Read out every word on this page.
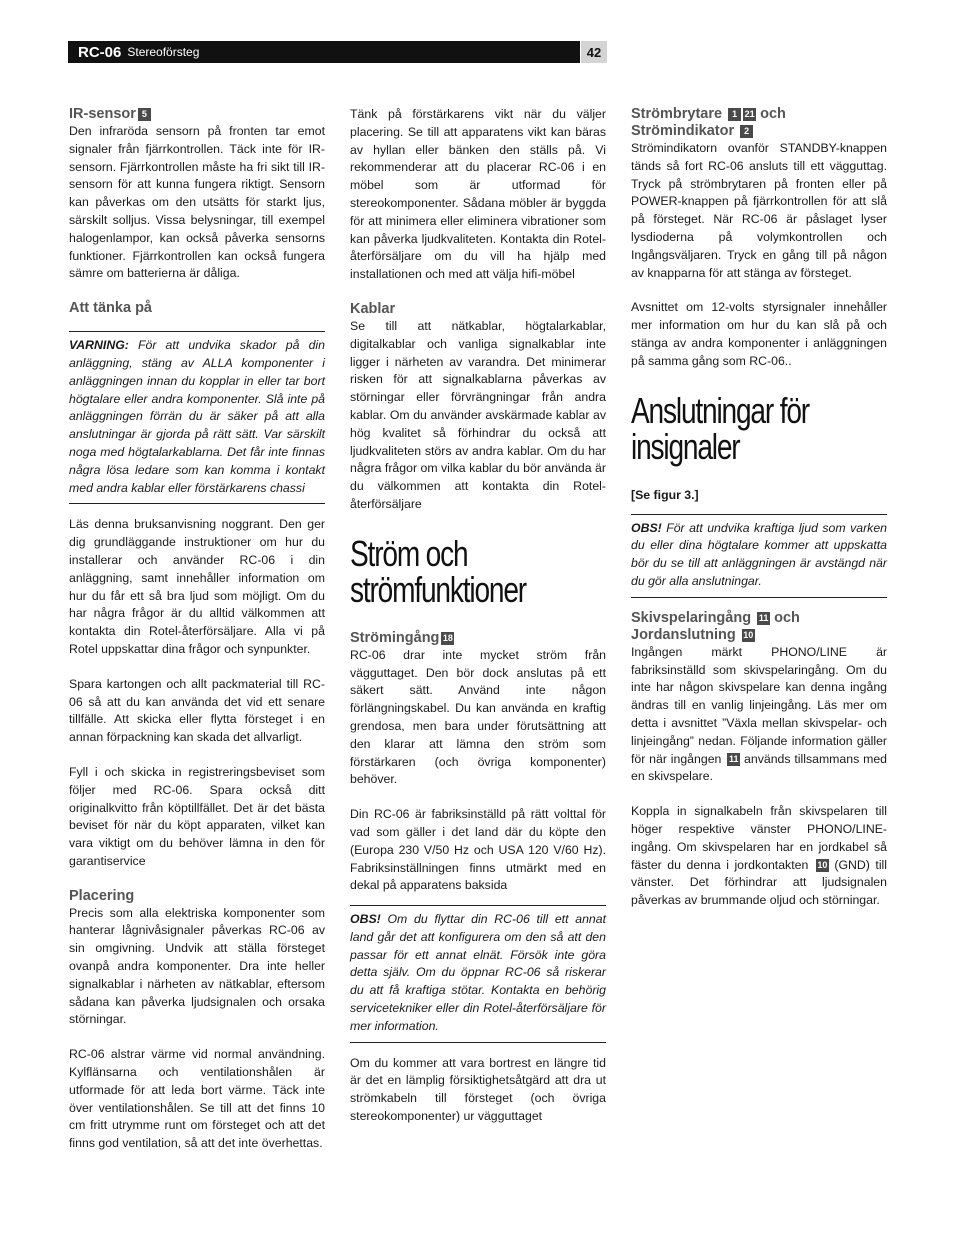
RC-06 Stereoförsteg	42
IR-sensor 5

Den infraröda sensorn på fronten tar emot signaler från fjärrkontrollen. Täck inte för IR-sensorn. Fjärrkontrollen måste ha fri sikt till IR-sensorn för att kunna fungera riktigt. Sensorn kan påverkas om den utsätts för starkt ljus, särskilt solljus. Vissa belysningar, till exempel halogenlampor, kan också påverka sensorns funktioner. Fjärrkontrollen kan också fungera sämre om batterierna är dåliga.

Att tänka på
VARNING: För att undvika skador på din anläggning, stäng av ALLA komponenter i anläggningen innan du kopplar in eller tar bort högtalare eller andra komponenter. Slå inte på anläggningen förrän du är säker på att alla anslutningar är gjorda på rätt sätt. Var särskilt noga med högtalarkablarna. Det får inte finnas några lösa ledare som kan komma i kontakt med andra kablar eller förstärkarens chassi

Läs denna bruksanvisning noggrant. Den ger dig grundläggande instruktioner om hur du installerar och använder RC-06 i din anläggning, samt innehåller information om hur du får ett så bra ljud som möjligt. Om du har några frågor är du alltid välkommen att kontakta din Rotel-återförsäljare. Alla vi på Rotel uppskattar dina frågor och synpunkter.

Spara kartongen och allt packmaterial till RC-06 så att du kan använda det vid ett senare tillfälle. Att skicka eller flytta försteget i en annan förpackning kan skada det allvarligt.

Fyll i och skicka in registreringsbeviset som följer med RC-06. Spara också ditt originalkvitto från köptillfället. Det är det bästa beviset för när du köpt apparaten, vilket kan vara viktigt om du behöver lämna in den för garantiservice

Placering

Precis som alla elektriska komponenter som hanterar lågnivåsignaler påverkas RC-06 av sin omgivning. Undvik att ställa försteget ovanpå andra komponenter. Dra inte heller signalkablar i närheten av nätkablar, eftersom sådana kan påverka ljudsignalen och orsaka störningar.

RC-06 alstrar värme vid normal användning. Kylflänsarna och ventilationshålen är utformade för att leda bort värme. Täck inte över ventilationshålen. Se till att det finns 10 cm fritt utrymme runt om försteget och att det finns god ventilation, så att det inte överhettas.

Tänk på förstärkarens vikt när du väljer placering. Se till att apparatens vikt kan bäras av hyllan eller bänken den ställs på. Vi rekommenderar att du placerar RC-06 i en möbel som är utformad för stereokomponenter. Sådana möbler är byggda för att minimera eller eliminera vibrationer som kan påverka ljudkvaliteten. Kontakta din Rotel-återförsäljare om du vill ha hjälp med installationen och med att välja hifi-möbel

Kablar

Se till att nätkablar, högtalarkablar, digitalkablar och vanliga signalkablar inte ligger i närheten av varandra. Det minimerar risken för att signalkablarna påverkas av störningar eller förvrängningar från andra kablar. Om du använder avskärmade kablar av hög kvalitet så förhindrar du också att ljudkvaliteten störs av andra kablar. Om du har några frågor om vilka kablar du bör använda är du välkommen att kontakta din Rotel-återförsäljare

Ström och
strömfunktioner
Strömingång 18

RC-06 drar inte mycket ström från vägguttaget. Den bör dock anslutas på ett säkert sätt. Använd inte någon förlängningskabel. Du kan använda en kraftig grendosa, men bara under förutsättning att den klarar att lämna den ström som förstärkaren (och övriga komponenter) behöver.

Din RC-06 är fabriksinställd på rätt volttal för vad som gäller i det land där du köpte den (Europa 230 V/50 Hz och USA 120 V/60 Hz). Fabriksinställningen finns utmärkt med en dekal på apparatens baksida

OBS! Om du flyttar din RC-06 till ett annat land går det att konfigurera om den så att den passar för ett annat elnät. Försök inte göra detta själv. Om du öppnar RC-06 så riskerar du att få kraftiga stötar. Kontakta en behörig servicetekniker eller din Rotel-återförsäljare för mer information.

Om du kommer att vara bortrest en längre tid är det en lämplig försiktighetsåtgärd att dra ut strömkabeln till försteget (och övriga stereokomponenter) ur vägguttaget

Strömbrytare 1 21 och
Strömindikator 2

Strömindikatorn ovanför STANDBY-knappen tänds så fort RC-06 ansluts till ett vägguttag. Tryck på strömbrytaren på fronten eller på POWER-knappen på fjärrkontrollen för att slå på försteget. När RC-06 är påslaget lyser lysdioderna på volymkontrollen och Ingångsväljaren. Tryck en gång till på någon av knapparna för att stänga av försteget.

Avsnittet om 12-volts styrsignaler innehåller mer information om hur du kan slå på och stänga av andra komponenter i anläggningen på samma gång som RC-06..

Anslutningar för
insignaler
[Se figur 3.]
OBS! För att undvika kraftiga ljud som varken du eller dina högtalare kommer att uppskatta bör du se till att anläggningen är avstängd när du gör alla anslutningar.
Skivspelaringång 11 och
Jordanslutning 10

Ingången märkt PHONO/LINE är fabriksinställd som skivspelaringång. Om du inte har någon skivspelare kan denna ingång ändras till en vanlig linjeingång. Läs mer om detta i avsnittet ”Växla mellan skivspelar- och linjeingång” nedan. Följande information gäller för när ingången 11 används tillsammans med en skivspelare.

Koppla in signalkabeln från skivspelaren till höger respektive vänster PHONO/LINE-ingång. Om skivspelaren har en jordkabel så fäster du denna i jordkontakten 10 (GND) till vänster. Det förhindrar att ljudsignalen påverkas av brummande oljud och störningar.
